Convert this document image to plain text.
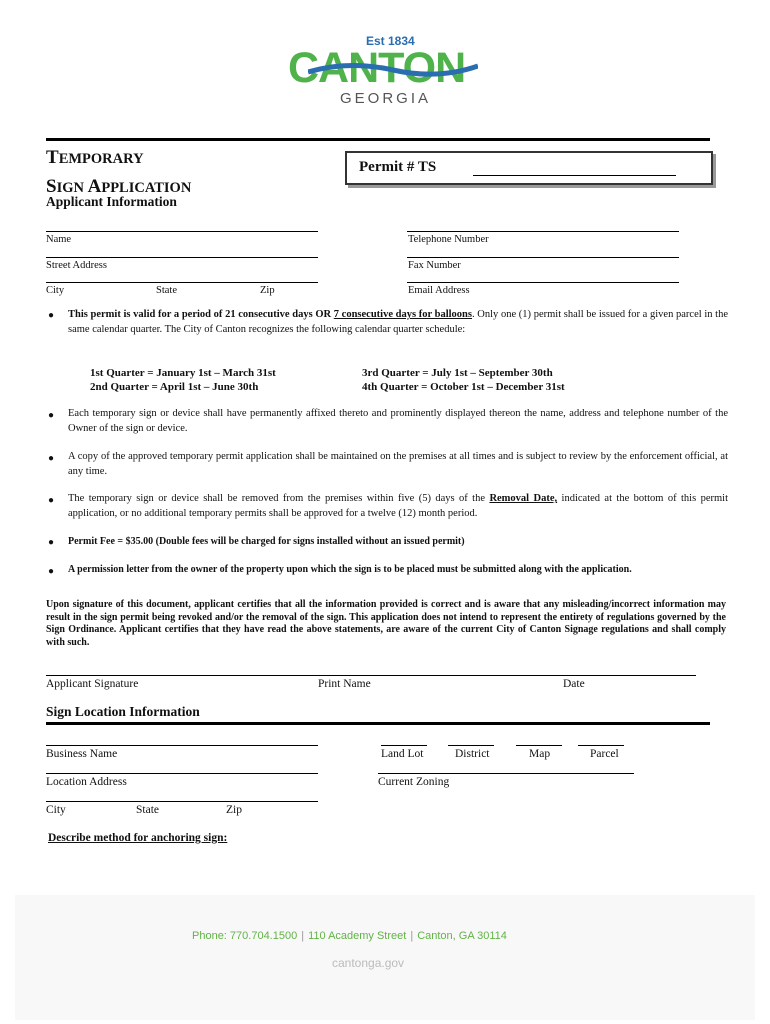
Est 1834
CANTON
GEORGIA
TEMPORARY
SIGN APPLICATION
Permit # TS
Applicant Information
Name	Telephone Number
Street Address	Fax Number
City	State	Zip	Email Address
● This permit is valid for a period of 21 consecutive days OR 7 consecutive days for balloons. Only one (1) permit shall be issued for a given parcel in the same calendar quarter. The City of Canton recognizes the following calendar quarter schedule:
1st Quarter = January 1st – March 31st
2nd Quarter = April 1st – June 30th
3rd Quarter = July 1st – September 30th
4th Quarter = October 1st – December 31st
● Each temporary sign or device shall have permanently affixed thereto and prominently displayed thereon the name, address and telephone number of the Owner of the sign or device.
● A copy of the approved temporary permit application shall be maintained on the premises at all times and is subject to review by the enforcement official, at any time.
● The temporary sign or device shall be removed from the premises within five (5) days of the Removal Date, indicated at the bottom of this permit application, or no additional temporary permits shall be approved for a twelve (12) month period.
● Permit Fee = $35.00 (Double fees will be charged for signs installed without an issued permit)
● A permission letter from the owner of the property upon which the sign is to be placed must be submitted along with the application.
Upon signature of this document, applicant certifies that all the information provided is correct and is aware that any misleading/incorrect information may result in the sign permit being revoked and/or the removal of the sign. This application does not intend to represent the entirety of regulations governed by the Sign Ordinance. Applicant certifies that they have read the above statements, are aware of the current City of Canton Signage regulations and shall comply with such.
Applicant Signature	Print Name	Date
Sign Location Information
Business Name	Land Lot	District	Map	Parcel
Location Address	Current Zoning
City	State	Zip
Describe method for anchoring sign:
Phone: 770.704.1500 | 110 Academy Street | Canton, GA 30114
cantonga.gov
